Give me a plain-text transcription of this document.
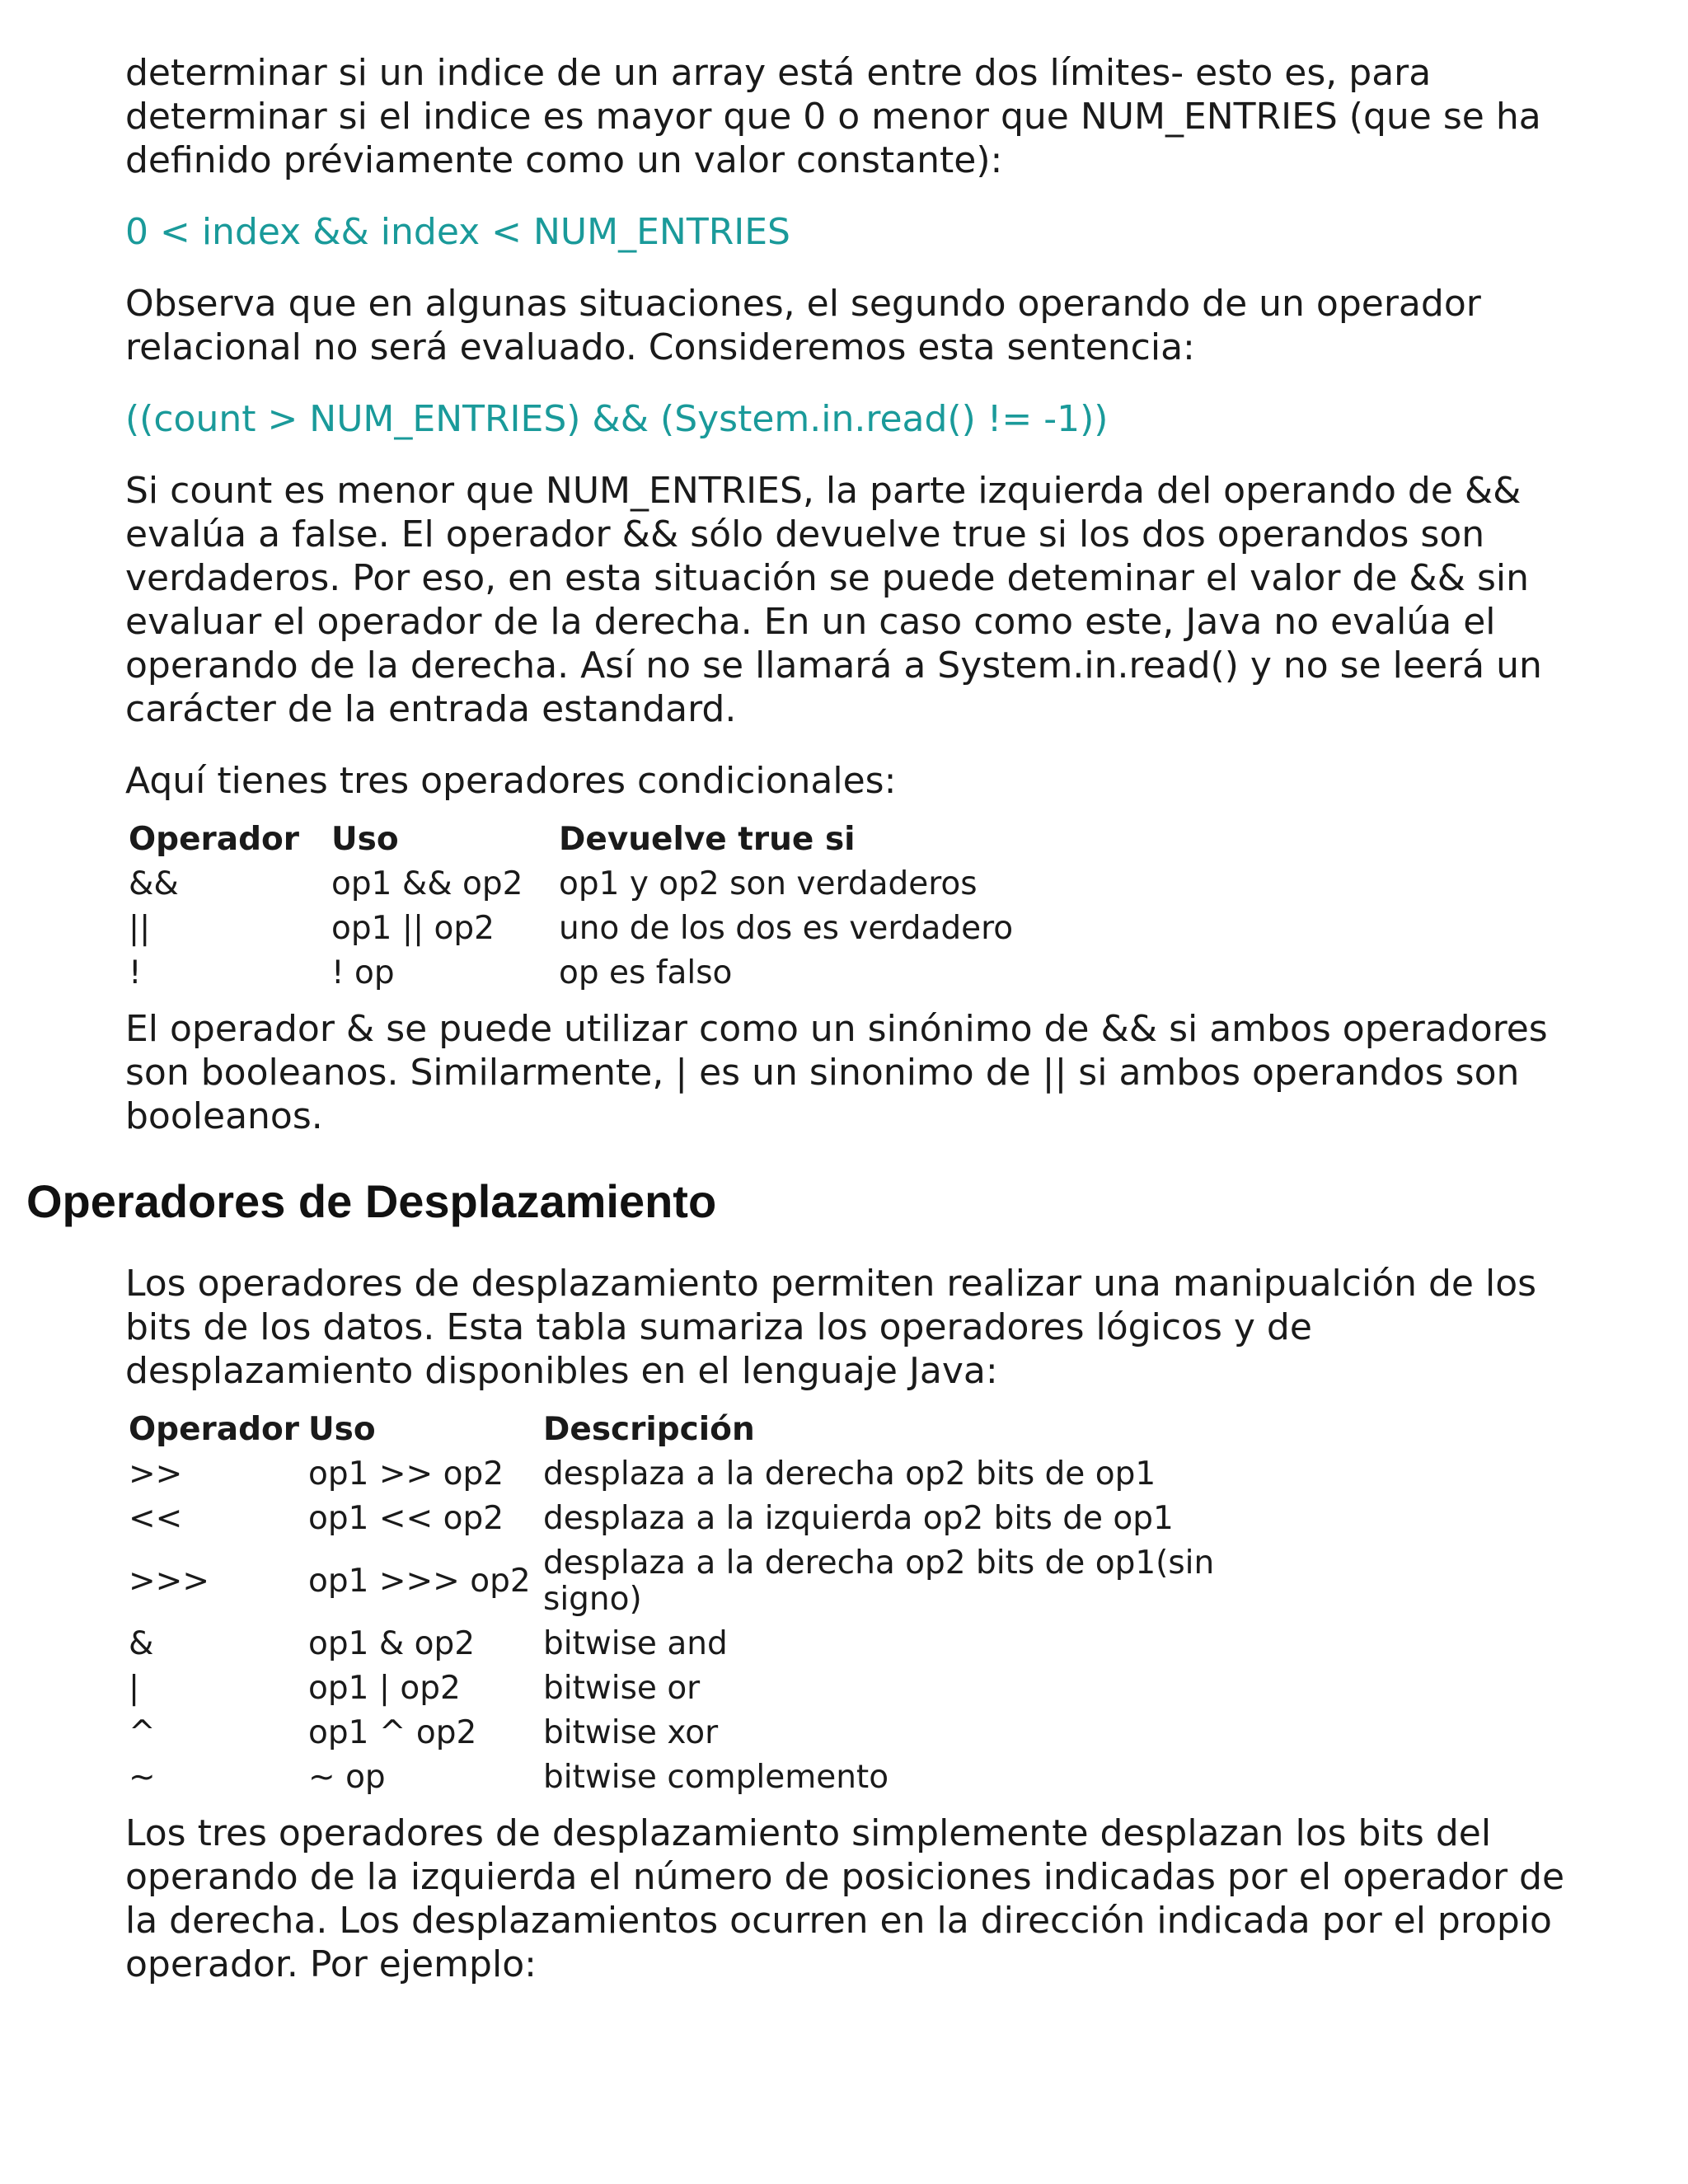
determinar si un indice de un array está entre dos límites- esto es, para determinar si el indice es mayor que 0 o menor que NUM_ENTRIES (que se ha definido préviamente como un valor constante):

0 < index && index < NUM_ENTRIES

Observa que en algunas situaciones, el segundo operando de un operador relacional no será evaluado. Consideremos esta sentencia:

((count > NUM_ENTRIES) && (System.in.read() != -1))

Si count es menor que NUM_ENTRIES, la parte izquierda del operando de && evalúa a false. El operador && sólo devuelve true si los dos operandos son verdaderos. Por eso, en esta situación se puede deteminar el valor de && sin evaluar el operador de la derecha. En un caso como este, Java no evalúa el operando de la derecha. Así no se llamará a System.in.read() y no se leerá un carácter de la entrada estandard.

Aquí tienes tres operadores condicionales:

Operador	Uso	Devuelve true si
&&	op1 && op2	op1 y op2 son verdaderos
||	op1 || op2	uno de los dos es verdadero
!	! op	op es falso

El operador & se puede utilizar como un sinónimo de && si ambos operadores son booleanos. Similarmente, | es un sinonimo de || si ambos operandos son booleanos.

Operadores de Desplazamiento

Los operadores de desplazamiento permiten realizar una manipualción de los bits de los datos. Esta tabla sumariza los operadores lógicos y de desplazamiento disponibles en el lenguaje Java:

Operador	Uso	Descripción
>>	op1 >> op2	desplaza a la derecha op2 bits de op1
<<	op1 << op2	desplaza a la izquierda op2 bits de op1
>>>	op1 >>> op2	desplaza a la derecha op2 bits de op1(sin signo)
&	op1 & op2	bitwise and
|	op1 | op2	bitwise or
^	op1 ^ op2	bitwise xor
~	~ op	bitwise complemento

Los tres operadores de desplazamiento simplemente desplazan los bits del operando de la izquierda el número de posiciones indicadas por el operador de la derecha. Los desplazamientos ocurren en la dirección indicada por el propio operador. Por ejemplo:
